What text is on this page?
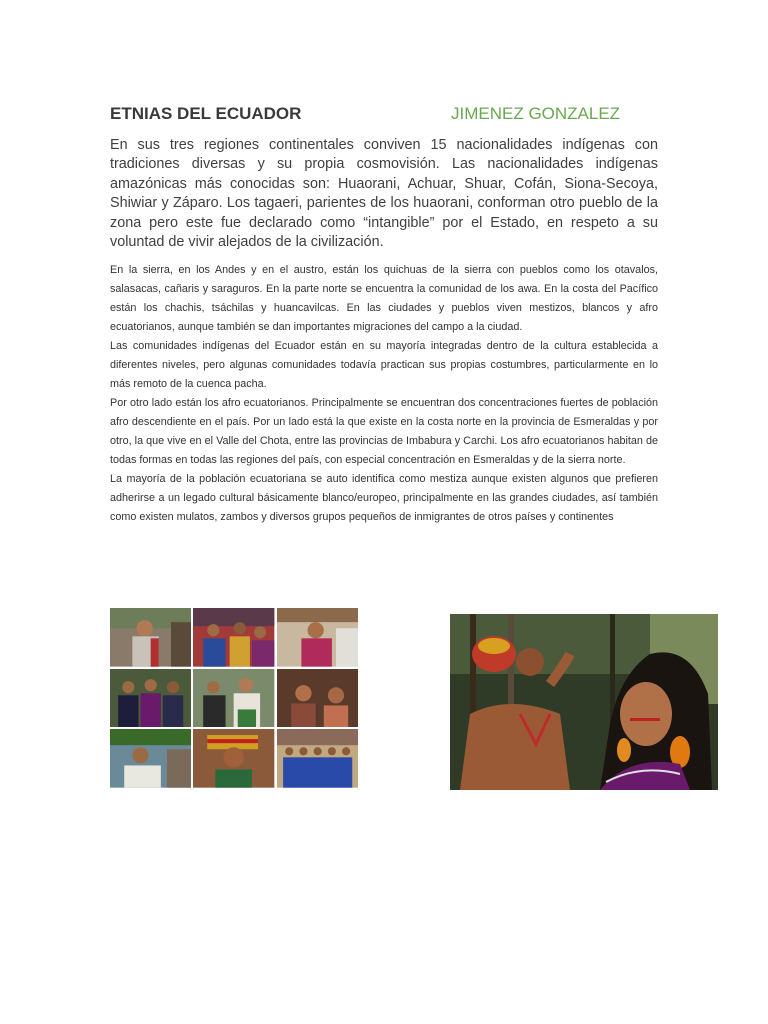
ETNIAS DEL ECUADOR	JIMENEZ GONZALEZ

En sus tres regiones continentales conviven 15 nacionalidades indígenas con tradiciones diversas y su propia cosmovisión. Las nacionalidades indígenas amazónicas más conocidas son: Huaorani, Achuar, Shuar, Cofán, Siona-Secoya, Shiwiar y Záparo. Los tagaeri, parientes de los huaorani, conforman otro pueblo de la zona pero este fue declarado como “intangible” por el Estado, en respeto a su voluntad de vivir alejados de la civilización.

En la sierra, en los Andes y en el austro, están los quichuas de la sierra con pueblos como los otavalos, salasacas, cañaris y saraguros. En la parte norte se encuentra la comunidad de los awa. En la costa del Pacífico están los chachis, tsáchilas y huancavilcas. En las ciudades y pueblos viven mestizos, blancos y afro ecuatorianos, aunque también se dan importantes migraciones del campo a la ciudad.

Las comunidades indígenas del Ecuador están en su mayoría integradas dentro de la cultura establecida a diferentes niveles, pero algunas comunidades todavía practican sus propias costumbres, particularmente en lo más remoto de la cuenca pacha.

Por otro lado están los afro ecuatorianos. Principalmente se encuentran dos concentraciones fuertes de población afro descendiente en el país. Por un lado está la que existe en la costa norte en la provincia de Esmeraldas y por otro, la que vive en el Valle del Chota, entre las provincias de Imbabura y Carchi. Los afro ecuatorianos habitan de todas formas en todas las regiones del país, con especial concentración en Esmeraldas y de la sierra norte.

La mayoría de la población ecuatoriana se auto identifica como mestiza aunque existen algunos que prefieren adherirse a un legado cultural básicamente blanco/europeo, principalmente en las grandes ciudades, así también como existen mulatos, zambos y diversos grupos pequeños de inmigrantes de otros países y continentes
